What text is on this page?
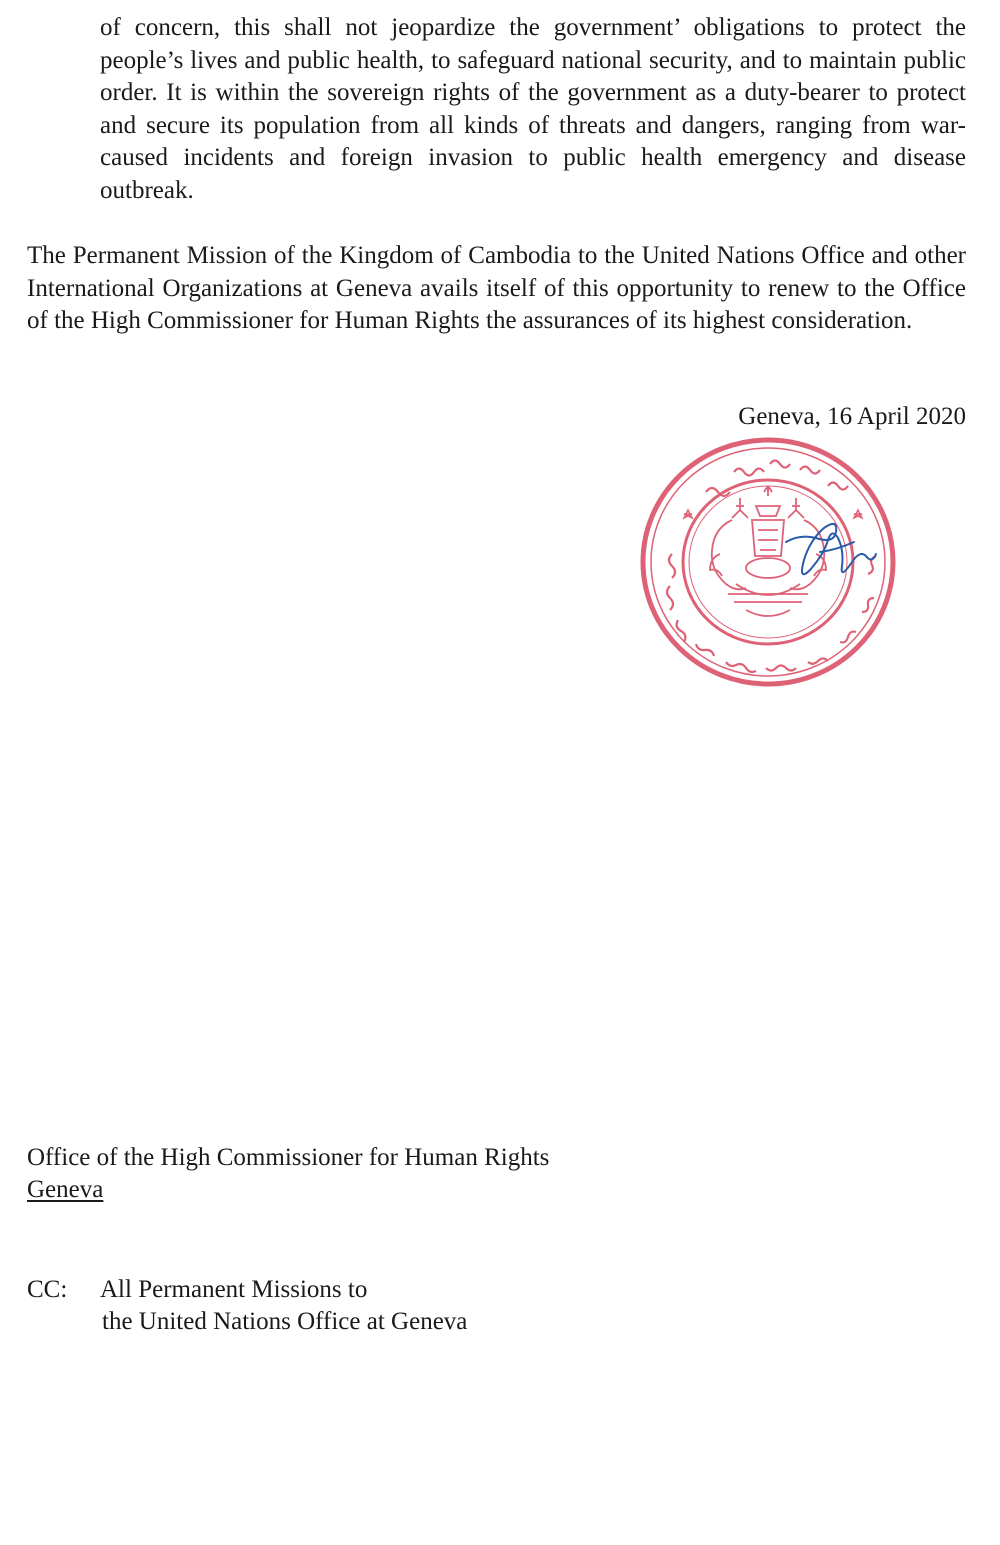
of concern, this shall not jeopardize the government’ obligations to protect the people’s lives and public health, to safeguard national security, and to maintain public order. It is within the sovereign rights of the government as a duty-bearer to protect and secure its population from all kinds of threats and dangers, ranging from war-caused incidents and foreign invasion to public health emergency and disease outbreak.

The Permanent Mission of the Kingdom of Cambodia to the United Nations Office and other International Organizations at Geneva avails itself of this opportunity to renew to the Office of the High Commissioner for Human Rights the assurances of its highest consideration.

Geneva, 16 April 2020
Office of the High Commissioner for Human Rights
Geneva
CC:	All Permanent Missions to
the United Nations Office at Geneva
